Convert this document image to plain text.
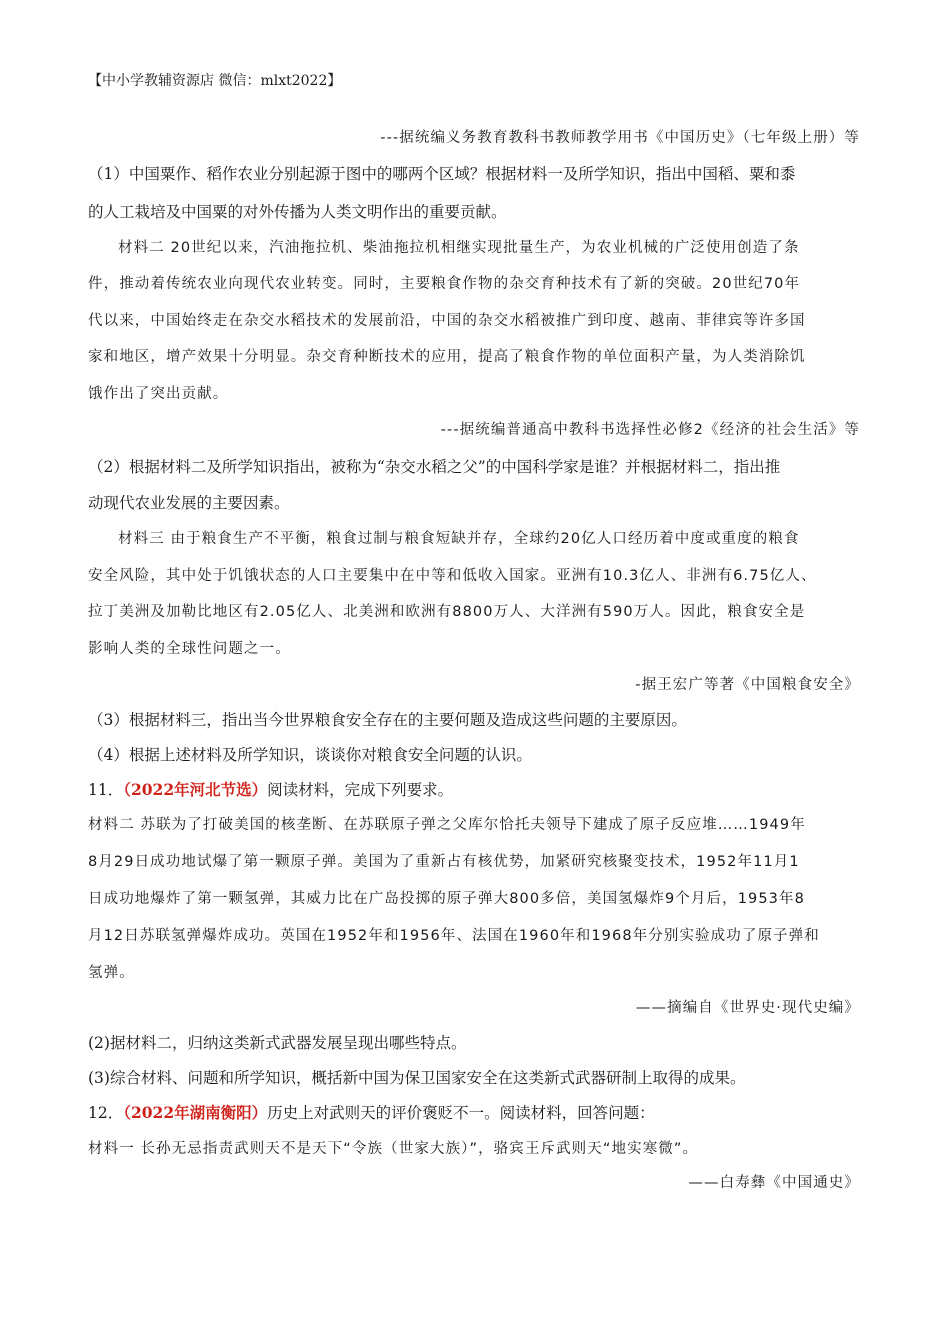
【中小学教辅资源店 微信：mlxt2022】
---据统编义务教育教科书教师教学用书《中国历史》（七年级上册）等
（1）中国粟作、稻作农业分别起源于图中的哪两个区域？根据材料一及所学知识，指出中国稻、粟和黍
的人工栽培及中国粟的对外传播为人类文明作出的重要贡献。
材料二 20世纪以来，汽油拖拉机、柴油拖拉机相继实现批量生产，为农业机械的广泛使用创造了条
件，推动着传统农业向现代农业转变。同时，主要粮食作物的杂交育种技术有了新的突破。20世纪70年
代以来，中国始终走在杂交水稻技术的发展前沿，中国的杂交水稻被推广到印度、越南、菲律宾等许多国
家和地区，增产效果十分明显。杂交育种断技术的应用，提高了粮食作物的单位面积产量，为人类消除饥
饿作出了突出贡献。
---据统编普通高中教科书选择性必修2《经济的社会生活》等
（2）根据材料二及所学知识指出，被称为“杂交水稻之父”的中国科学家是谁？并根据材料二，指出推
动现代农业发展的主要因素。
材料三 由于粮食生产不平衡，粮食过制与粮食短缺并存，全球约20亿人口经历着中度或重度的粮食
安全风险，其中处于饥饿状态的人口主要集中在中等和低收入国家。亚洲有10.3亿人、非洲有6.75亿人、
拉丁美洲及加勒比地区有2.05亿人、北美洲和欧洲有8800万人、大洋洲有590万人。因此，粮食安全是
影响人类的全球性问题之一。
-据王宏广等著《中国粮食安全》
（3）根据材料三，指出当今世界粮食安全存在的主要何题及造成这些问题的主要原因。
（4）根据上述材料及所学知识，谈谈你对粮食安全问题的认识。
11．（2022年河北节选）阅读材料，完成下列要求。
材料二 苏联为了打破美国的核垄断、在苏联原子弹之父库尔恰托夫领导下建成了原子反应堆……1949年
8月29日成功地试爆了第一颗原子弹。美国为了重新占有核优势，加紧研究核聚变技术，1952年11月1
日成功地爆炸了第一颗氢弹，其威力比在广岛投掷的原子弹大800多倍，美国氢爆炸9个月后，1953年8
月12日苏联氢弹爆炸成功。英国在1952年和1956年、法国在1960年和1968年分别实验成功了原子弹和
氢弹。
——摘编自《世界史·现代史编》
(2)据材料二，归纳这类新式武器发展呈现出哪些特点。
(3)综合材料、问题和所学知识，概括新中国为保卫国家安全在这类新式武器研制上取得的成果。
12．（2022年湖南衡阳）历史上对武则天的评价褒贬不一。阅读材料，回答问题：
材料一 长孙无忌指责武则天不是天下“令族（世家大族）”，骆宾王斥武则天“地实寒微”。
——白寿彝《中国通史》
